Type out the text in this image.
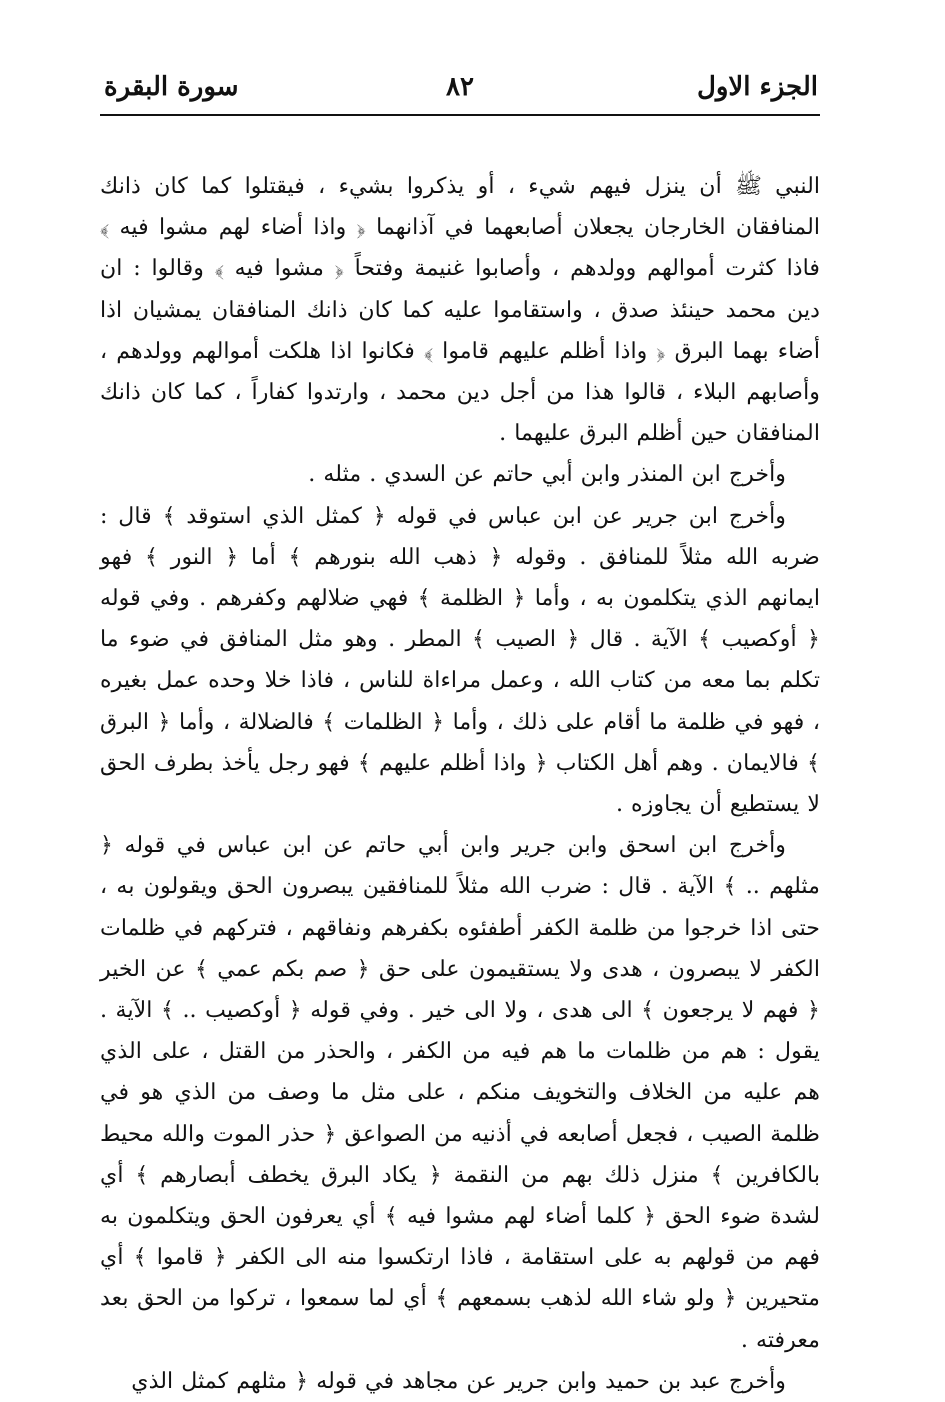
الجزء الاول
٨٢
سورة البقرة

النبي ﷺ أن ينزل فيهم شيء ، أو يذكروا بشيء ، فيقتلوا كما كان ذانك المنافقان الخارجان يجعلان أصابعهما في آذانهما ﴿ واذا أضاء لهم مشوا فيه ﴾ فاذا كثرت أموالهم وولدهم ، وأصابوا غنيمة وفتحاً ﴿ مشوا فيه ﴾ وقالوا : ان دين محمد حينئذ صدق ، واستقاموا عليه كما كان ذانك المنافقان يمشيان اذا أضاء بهما البرق ﴿ واذا أظلم عليهم قاموا ﴾ فكانوا اذا هلكت أموالهم وولدهم ، وأصابهم البلاء ، قالوا هذا من أجل دين محمد ، وارتدوا كفاراً ، كما كان ذانك المنافقان حين أظلم البرق عليهما .

وأخرج ابن المنذر وابن أبي حاتم عن السدي . مثله .

وأخرج ابن جرير عن ابن عباس في قوله ﴿ كمثل الذي استوقد ﴾ قال : ضربه الله مثلاً للمنافق . وقوله ﴿ ذهب الله بنورهم ﴾ أما ﴿ النور ﴾ فهو ايمانهم الذي يتكلمون به ، وأما ﴿ الظلمة ﴾ فهي ضلالهم وكفرهم . وفي قوله ﴿ أوكصيب ﴾ الآية . قال ﴿ الصيب ﴾ المطر . وهو مثل المنافق في ضوء ما تكلم بما معه من كتاب الله ، وعمل مراءاة للناس ، فاذا خلا وحده عمل بغيره ، فهو في ظلمة ما أقام على ذلك ، وأما ﴿ الظلمات ﴾ فالضلالة ، وأما ﴿ البرق ﴾ فالايمان . وهم أهل الكتاب ﴿ واذا أظلم عليهم ﴾ فهو رجل يأخذ بطرف الحق لا يستطيع أن يجاوزه .

وأخرج ابن اسحق وابن جرير وابن أبي حاتم عن ابن عباس في قوله ﴿ مثلهم .. ﴾ الآية . قال : ضرب الله مثلاً للمنافقين يبصرون الحق ويقولون به ، حتى اذا خرجوا من ظلمة الكفر أطفئوه بكفرهم ونفاقهم ، فتركهم في ظلمات الكفر لا يبصرون ، هدى ولا يستقيمون على حق ﴿ صم بكم عمي ﴾ عن الخير ﴿ فهم لا يرجعون ﴾ الى هدى ، ولا الى خير . وفي قوله ﴿ أوكصيب .. ﴾ الآية . يقول : هم من ظلمات ما هم فيه من الكفر ، والحذر من القتل ، على الذي هم عليه من الخلاف والتخويف منكم ، على مثل ما وصف من الذي هو في ظلمة الصيب ، فجعل أصابعه في أذنيه من الصواعق ﴿ حذر الموت والله محيط بالكافرين ﴾ منزل ذلك بهم من النقمة ﴿ يكاد البرق يخطف أبصارهم ﴾ أي لشدة ضوء الحق ﴿ كلما أضاء لهم مشوا فيه ﴾ أي يعرفون الحق ويتكلمون به فهم من قولهم به على استقامة ، فاذا ارتكسوا منه الى الكفر ﴿ قاموا ﴾ أي متحيرين ﴿ ولو شاء الله لذهب بسمعهم ﴾ أي لما سمعوا ، تركوا من الحق بعد معرفته .

وأخرج عبد بن حميد وابن جرير عن مجاهد في قوله ﴿ مثلهم كمثل الذي
